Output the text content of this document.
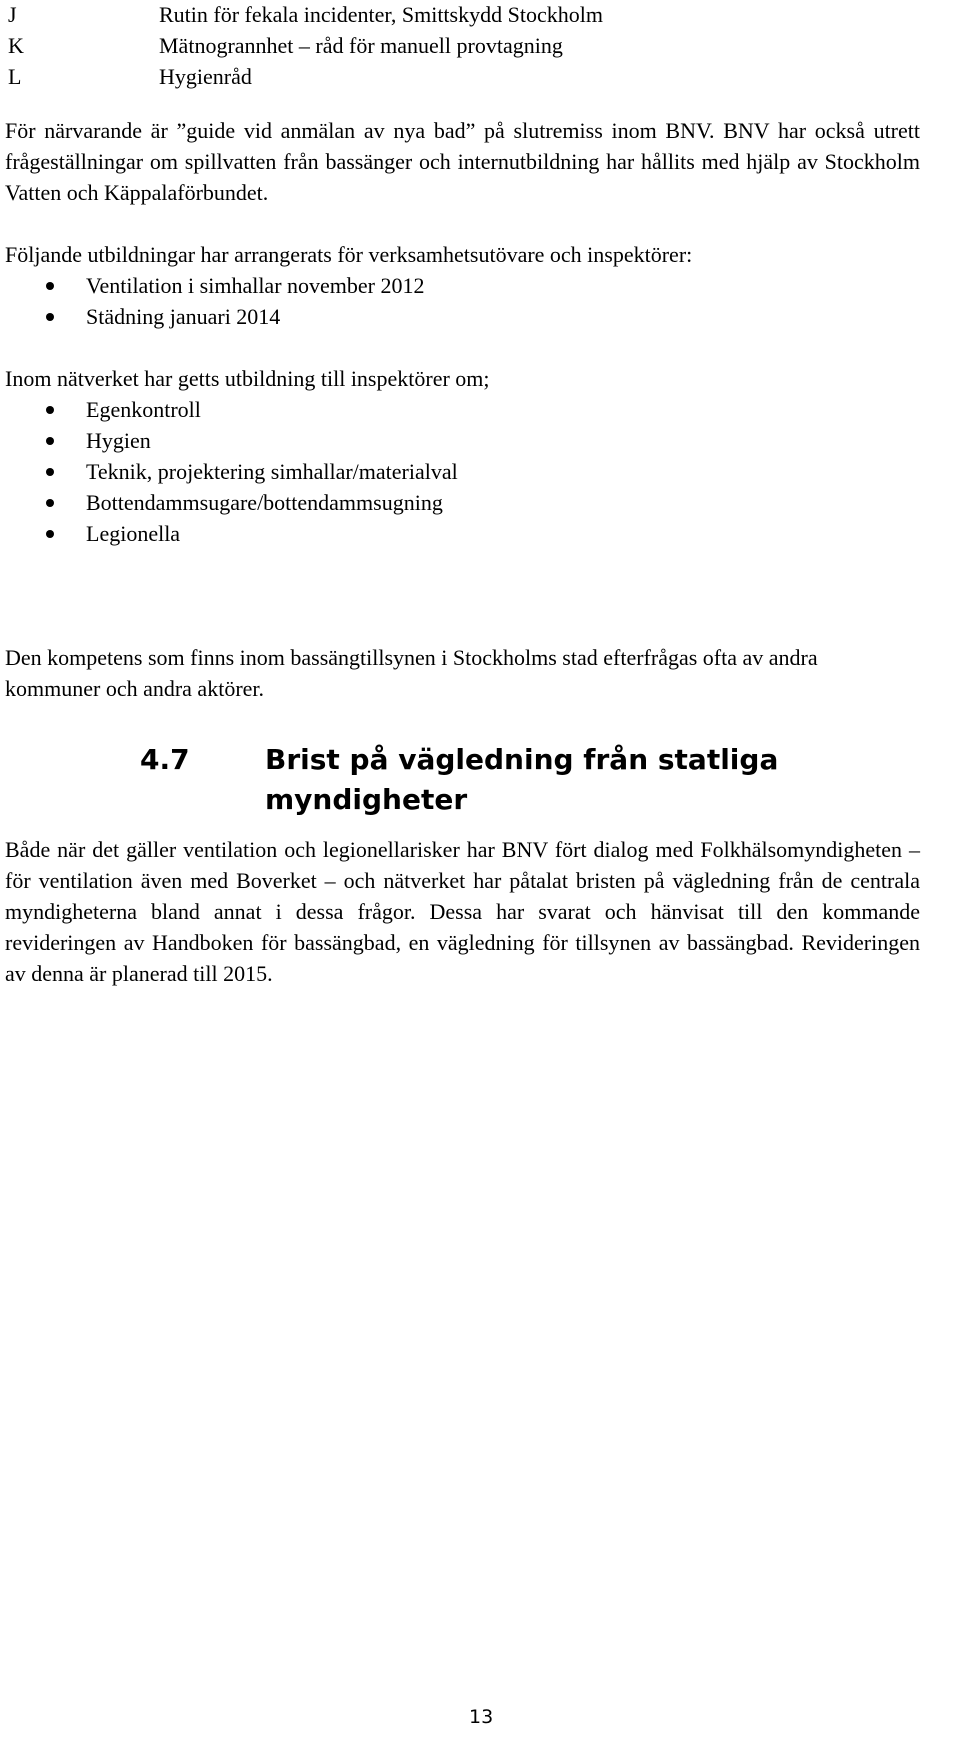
J	Rutin för fekala incidenter, Smittskydd Stockholm
K	Mätnogrannhet – råd för manuell provtagning
L	Hygienråd

För närvarande är ”guide vid anmälan av nya bad” på slutremiss inom BNV. BNV har också utrett frågeställningar om spillvatten från bassänger och internutbildning har hållits med hjälp av Stockholm Vatten och Käppalaförbundet.

Följande utbildningar har arrangerats för verksamhetsutövare och inspektörer:

Ventilation i simhallar november 2012
Städning januari 2014

Inom nätverket har getts utbildning till inspektörer om;

Egenkontroll
Hygien
Teknik, projektering simhallar/materialval
Bottendammsugare/bottendammsugning
Legionella

Den kompetens som finns inom bassängtillsynen i Stockholms stad efterfrågas ofta av andra kommuner och andra aktörer.

4.7	Brist på vägledning från statliga myndigheter

Både när det gäller ventilation och legionellarisker har BNV fört dialog med Folkhälsomyndigheten – för ventilation även med Boverket – och nätverket har påtalat bristen på vägledning från de centrala myndigheterna bland annat i dessa frågor. Dessa har svarat och hänvisat till den kommande revideringen av Handboken för bassängbad, en vägledning för tillsynen av bassängbad. Revideringen av denna är planerad till 2015.

13
